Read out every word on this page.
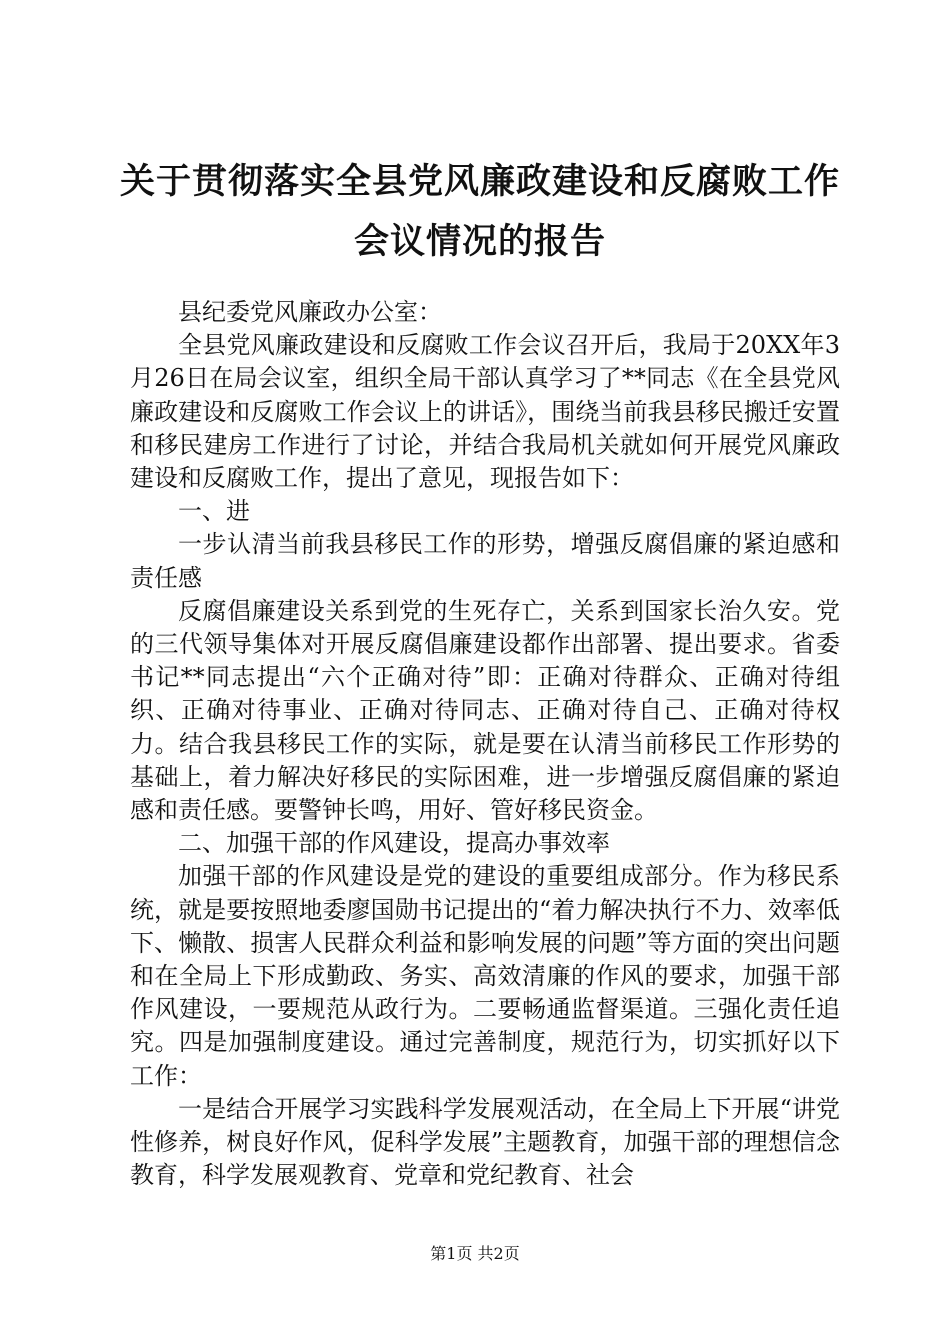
关于贯彻落实全县党风廉政建设和反腐败工作
会议情况的报告

县纪委党风廉政办公室：

全县党风廉政建设和反腐败工作会议召开后，我局于20XX年3月26日在局会议室，组织全局干部认真学习了**同志《在全县党风廉政建设和反腐败工作会议上的讲话》，围绕当前我县移民搬迁安置和移民建房工作进行了讨论，并结合我局机关就如何开展党风廉政建设和反腐败工作，提出了意见，现报告如下：

一、进

一步认清当前我县移民工作的形势，增强反腐倡廉的紧迫感和责任感

反腐倡廉建设关系到党的生死存亡，关系到国家长治久安。党的三代领导集体对开展反腐倡廉建设都作出部署、提出要求。省委书记**同志提出“六个正确对待”即：正确对待群众、正确对待组织、正确对待事业、正确对待同志、正确对待自己、正确对待权力。结合我县移民工作的实际，就是要在认清当前移民工作形势的基础上，着力解决好移民的实际困难，进一步增强反腐倡廉的紧迫感和责任感。要警钟长鸣，用好、管好移民资金。

二、加强干部的作风建设，提高办事效率

加强干部的作风建设是党的建设的重要组成部分。作为移民系统，就是要按照地委廖国勋书记提出的“着力解决执行不力、效率低下、懒散、损害人民群众利益和影响发展的问题”等方面的突出问题和在全局上下形成勤政、务实、高效清廉的作风的要求，加强干部作风建设，一要规范从政行为。二要畅通监督渠道。三强化责任追究。四是加强制度建设。通过完善制度，规范行为，切实抓好以下工作：

一是结合开展学习实践科学发展观活动，在全局上下开展“讲党性修养，树良好作风，促科学发展”主题教育，加强干部的理想信念教育，科学发展观教育、党章和党纪教育、社会

第1页 共2页
